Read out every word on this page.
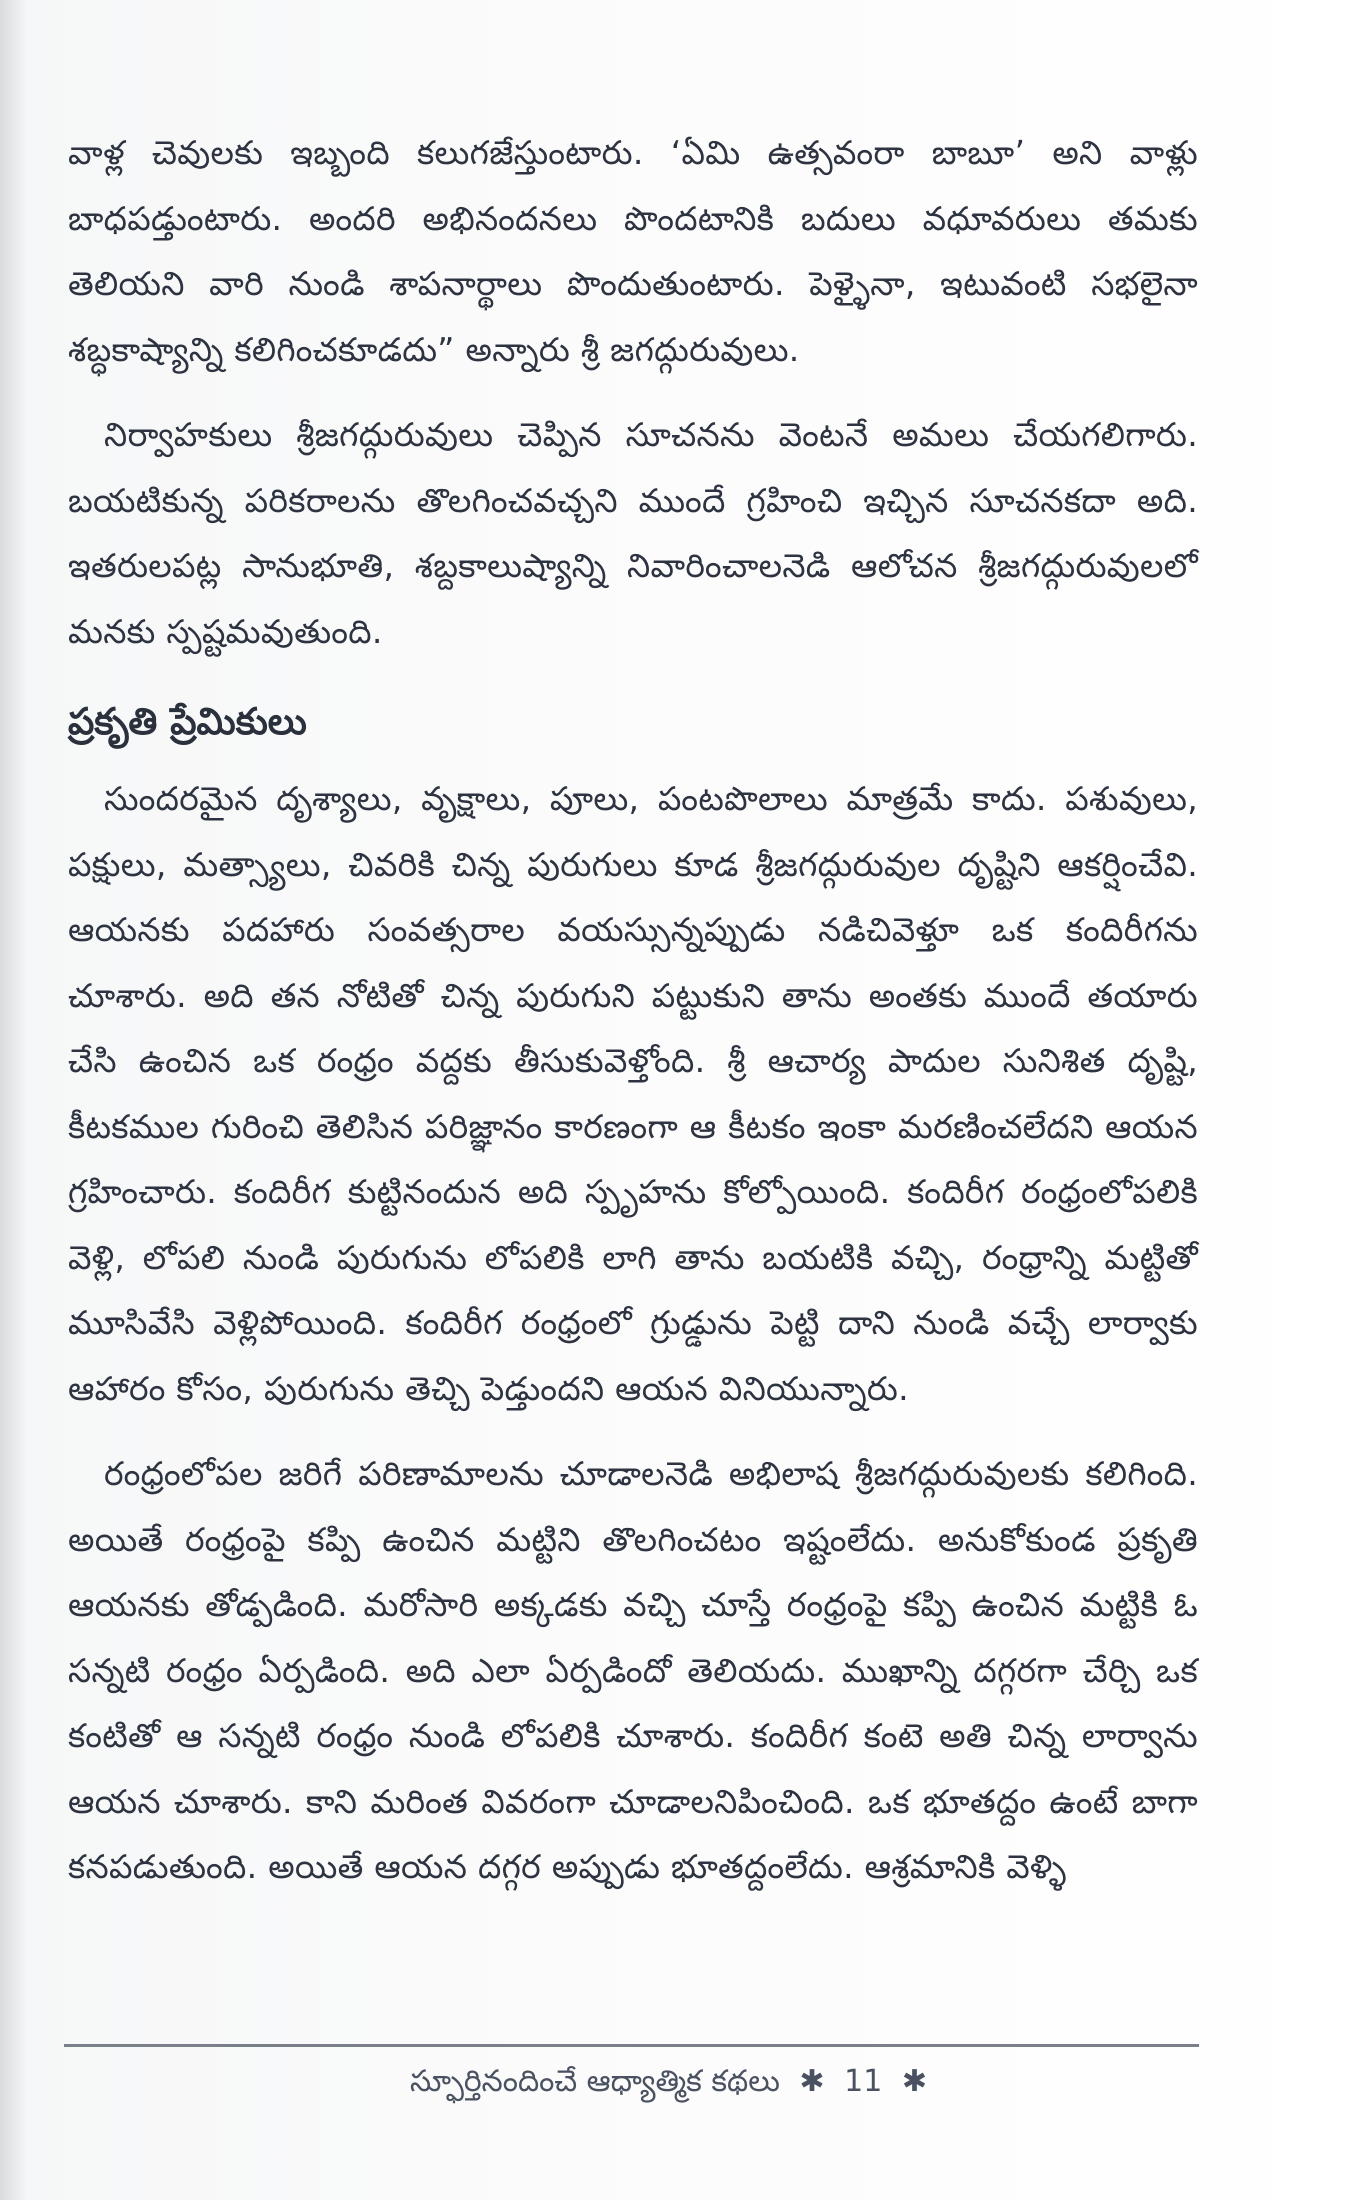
వాళ్ల చెవులకు ఇబ్బంది కలుగజేస్తుంటారు. ‘ఏమి ఉత్సవంరా బాబూ’ అని వాళ్లు బాధపడ్తుంటారు. అందరి అభినందనలు పొందటానికి బదులు వధూవరులు తమకు తెలియని వారి నుండి శాపనార్థాలు పొందుతుంటారు. పెళ్ళైనా, ఇటువంటి సభలైనా శబ్ధకాష్యాన్ని కలిగించకూడదు” అన్నారు శ్రీ జగద్గురువులు.

నిర్వాహకులు శ్రీజగద్గురువులు చెప్పిన సూచనను వెంటనే అమలు చేయగలిగారు. బయటికున్న పరికరాలను తొలగించవచ్చని ముందే గ్రహించి ఇచ్చిన సూచనకదా అది. ఇతరులపట్ల సానుభూతి, శబ్దకాలుష్యాన్ని నివారించాలనెడి ఆలోచన శ్రీజగద్గురువులలో మనకు స్పష్టమవుతుంది.

ప్రకృతి ప్రేమికులు

సుందరమైన దృశ్యాలు, వృక్షాలు, పూలు, పంటపొలాలు మాత్రమే కాదు. పశువులు, పక్షులు, మత్స్యాలు, చివరికి చిన్న పురుగులు కూడ శ్రీజగద్గురువుల దృష్టిని ఆకర్షించేవి. ఆయనకు పదహారు సంవత్సరాల వయస్సున్నప్పుడు నడిచివెళ్తూ ఒక కందిరీగను చూశారు. అది తన నోటితో చిన్న పురుగుని పట్టుకుని తాను అంతకు ముందే తయారు చేసి ఉంచిన ఒక రంధ్రం వద్దకు తీసుకువెళ్తోంది. శ్రీ ఆచార్య పాదుల సునిశిత దృష్టి, కీటకముల గురించి తెలిసిన పరిజ్ఞానం కారణంగా ఆ కీటకం ఇంకా మరణించలేదని ఆయన గ్రహించారు. కందిరీగ కుట్టినందున అది స్పృహను కోల్పోయింది. కందిరీగ రంధ్రంలోపలికి వెళ్లి, లోపలి నుండి పురుగును లోపలికి లాగి తాను బయటికి వచ్చి, రంధ్రాన్ని మట్టితో మూసివేసి వెళ్లిపోయింది. కందిరీగ రంధ్రంలో గ్రుడ్డును పెట్టి దాని నుండి వచ్చే లార్వాకు ఆహారం కోసం, పురుగును తెచ్చి పెడ్తుందని ఆయన వినియున్నారు.

రంధ్రంలోపల జరిగే పరిణామాలను చూడాలనెడి అభిలాష శ్రీజగద్గురువులకు కలిగింది. అయితే రంధ్రంపై కప్పి ఉంచిన మట్టిని తొలగించటం ఇష్టంలేదు. అనుకోకుండ ప్రకృతి ఆయనకు తోడ్పడింది. మరోసారి అక్కడకు వచ్చి చూస్తే రంధ్రంపై కప్పి ఉంచిన మట్టికి ఓ సన్నటి రంధ్రం ఏర్పడింది. అది ఎలా ఏర్పడిందో తెలియదు. ముఖాన్ని దగ్గరగా చేర్చి ఒక కంటితో ఆ సన్నటి రంధ్రం నుండి లోపలికి చూశారు. కందిరీగ కంటె అతి చిన్న లార్వాను ఆయన చూశారు. కాని మరింత వివరంగా చూడాలనిపించింది. ఒక భూతద్దం ఉంటే బాగా కనపడుతుంది. అయితే ఆయన దగ్గర అప్పుడు భూతద్దంలేదు. ఆశ్రమానికి వెళ్ళి

స్ఫూర్తినందించే ఆధ్యాత్మిక కథలు ✱ 11 ✱
